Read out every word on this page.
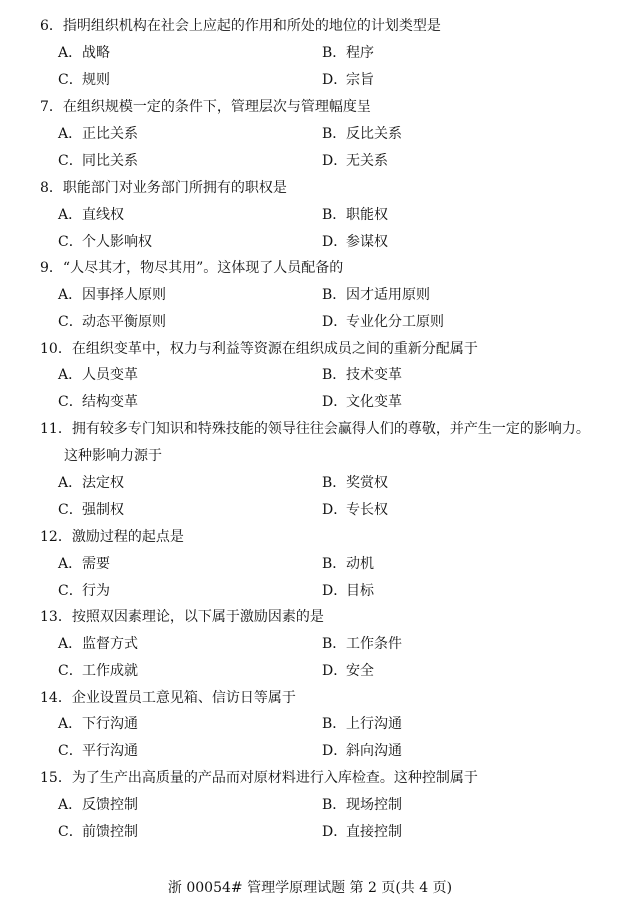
6．指明组织机构在社会上应起的作用和所处的地位的计划类型是
A．战略	B．程序
C．规则	D．宗旨
7．在组织规模一定的条件下，管理层次与管理幅度呈
A．正比关系	B．反比关系
C．同比关系	D．无关系
8．职能部门对业务部门所拥有的职权是
A．直线权	B．职能权
C．个人影响权	D．参谋权
9．“人尽其才，物尽其用”。这体现了人员配备的
A．因事择人原则	B．因才适用原则
C．动态平衡原则	D．专业化分工原则
10．在组织变革中，权力与利益等资源在组织成员之间的重新分配属于
A．人员变革	B．技术变革
C．结构变革	D．文化变革
11．拥有较多专门知识和特殊技能的领导往往会赢得人们的尊敬，并产生一定的影响力。
这种影响力源于
A．法定权	B．奖赏权
C．强制权	D．专长权
12．激励过程的起点是
A．需要	B．动机
C．行为	D．目标
13．按照双因素理论，以下属于激励因素的是
A．监督方式	B．工作条件
C．工作成就	D．安全
14．企业设置员工意见箱、信访日等属于
A．下行沟通	B．上行沟通
C．平行沟通	D．斜向沟通
15．为了生产出高质量的产品而对原材料进行入库检查。这种控制属于
A．反馈控制	B．现场控制
C．前馈控制	D．直接控制
浙 00054# 管理学原理试题 第 2 页(共 4 页)
